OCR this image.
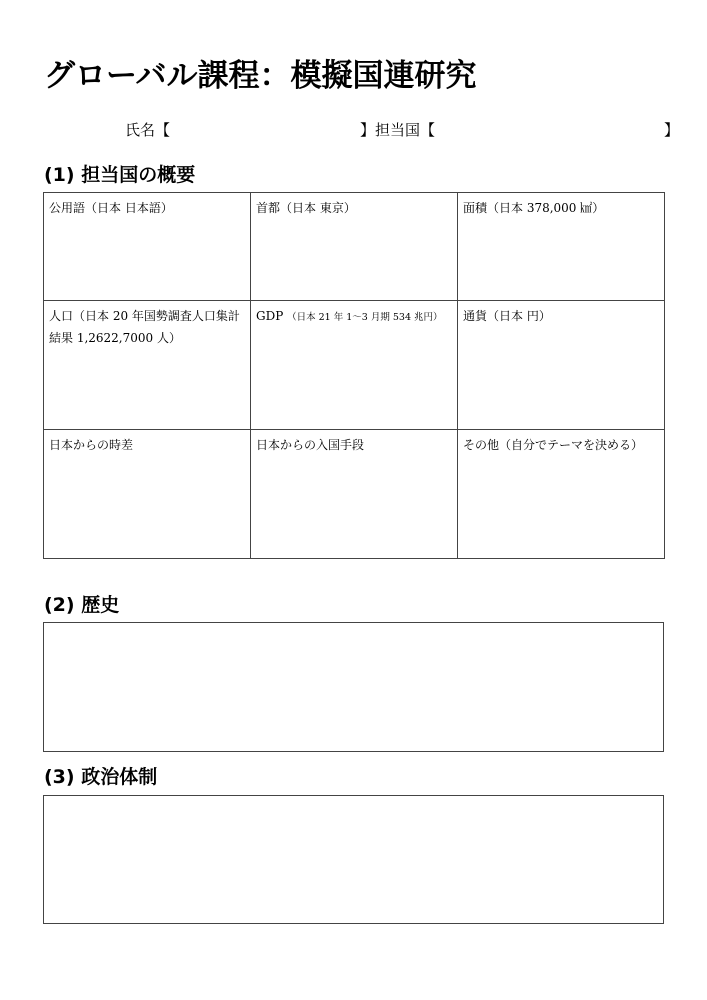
グローバル課程：模擬国連研究
氏名【	】担当国【	】
(1) 担当国の概要
公用語（日本 日本語）	首都（日本 東京）	面積（日本 378,000 ㎢）
人口（日本 20 年国勢調査人口集計結果 1,2622,7000 人）	GDP （日本 21 年 1～3 月期 534 兆円）	通貨（日本 円）
日本からの時差	日本からの入国手段	その他（自分でテーマを決める）
(2) 歴史
(3) 政治体制
